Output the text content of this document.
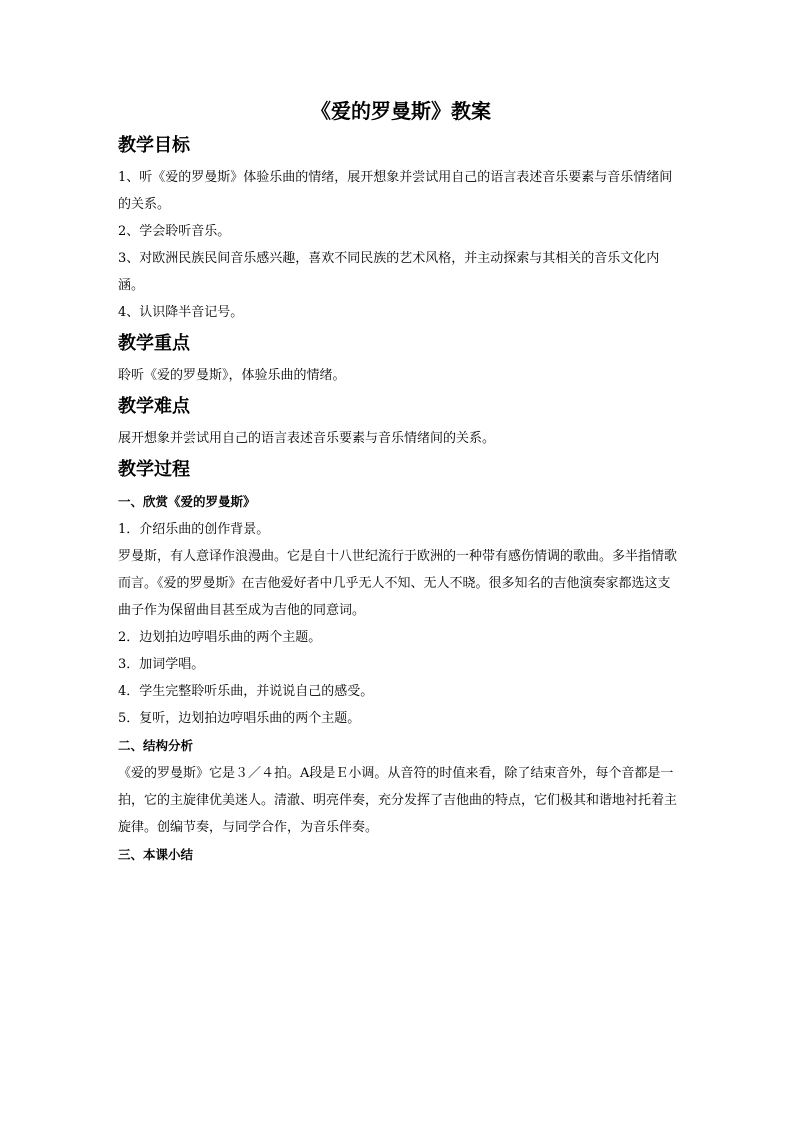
《爱的罗曼斯》教案
教学目标

1、听《爱的罗曼斯》体验乐曲的情绪，展开想象并尝试用自己的语言表述音乐要素与音乐情绪间的关系。

2、学会聆听音乐。

3、对欧洲民族民间音乐感兴趣，喜欢不同民族的艺术风格，并主动探索与其相关的音乐文化内涵。

4、认识降半音记号。

教学重点

聆听《爱的罗曼斯》，体验乐曲的情绪。

教学难点

展开想象并尝试用自己的语言表述音乐要素与音乐情绪间的关系。

教学过程
一、欣赏《爱的罗曼斯》

1．介绍乐曲的创作背景。

罗曼斯，有人意译作浪漫曲。它是自十八世纪流行于欧洲的一种带有感伤情调的歌曲。多半指情歌而言。《爱的罗曼斯》在吉他爱好者中几乎无人不知、无人不晓。很多知名的吉他演奏家都选这支曲子作为保留曲目甚至成为吉他的同意词。

2．边划拍边哼唱乐曲的两个主题。

3．加词学唱。

4．学生完整聆听乐曲，并说说自己的感受。

5．复听，边划拍边哼唱乐曲的两个主题。

二、结构分析

《爱的罗曼斯》它是３／４拍。A段是Ｅ小调。从音符的时值来看，除了结束音外，每个音都是一拍，它的主旋律优美迷人。清澈、明亮伴奏，充分发挥了吉他曲的特点，它们极其和谐地衬托着主旋律。创编节奏，与同学合作，为音乐伴奏。

三、本课小结
